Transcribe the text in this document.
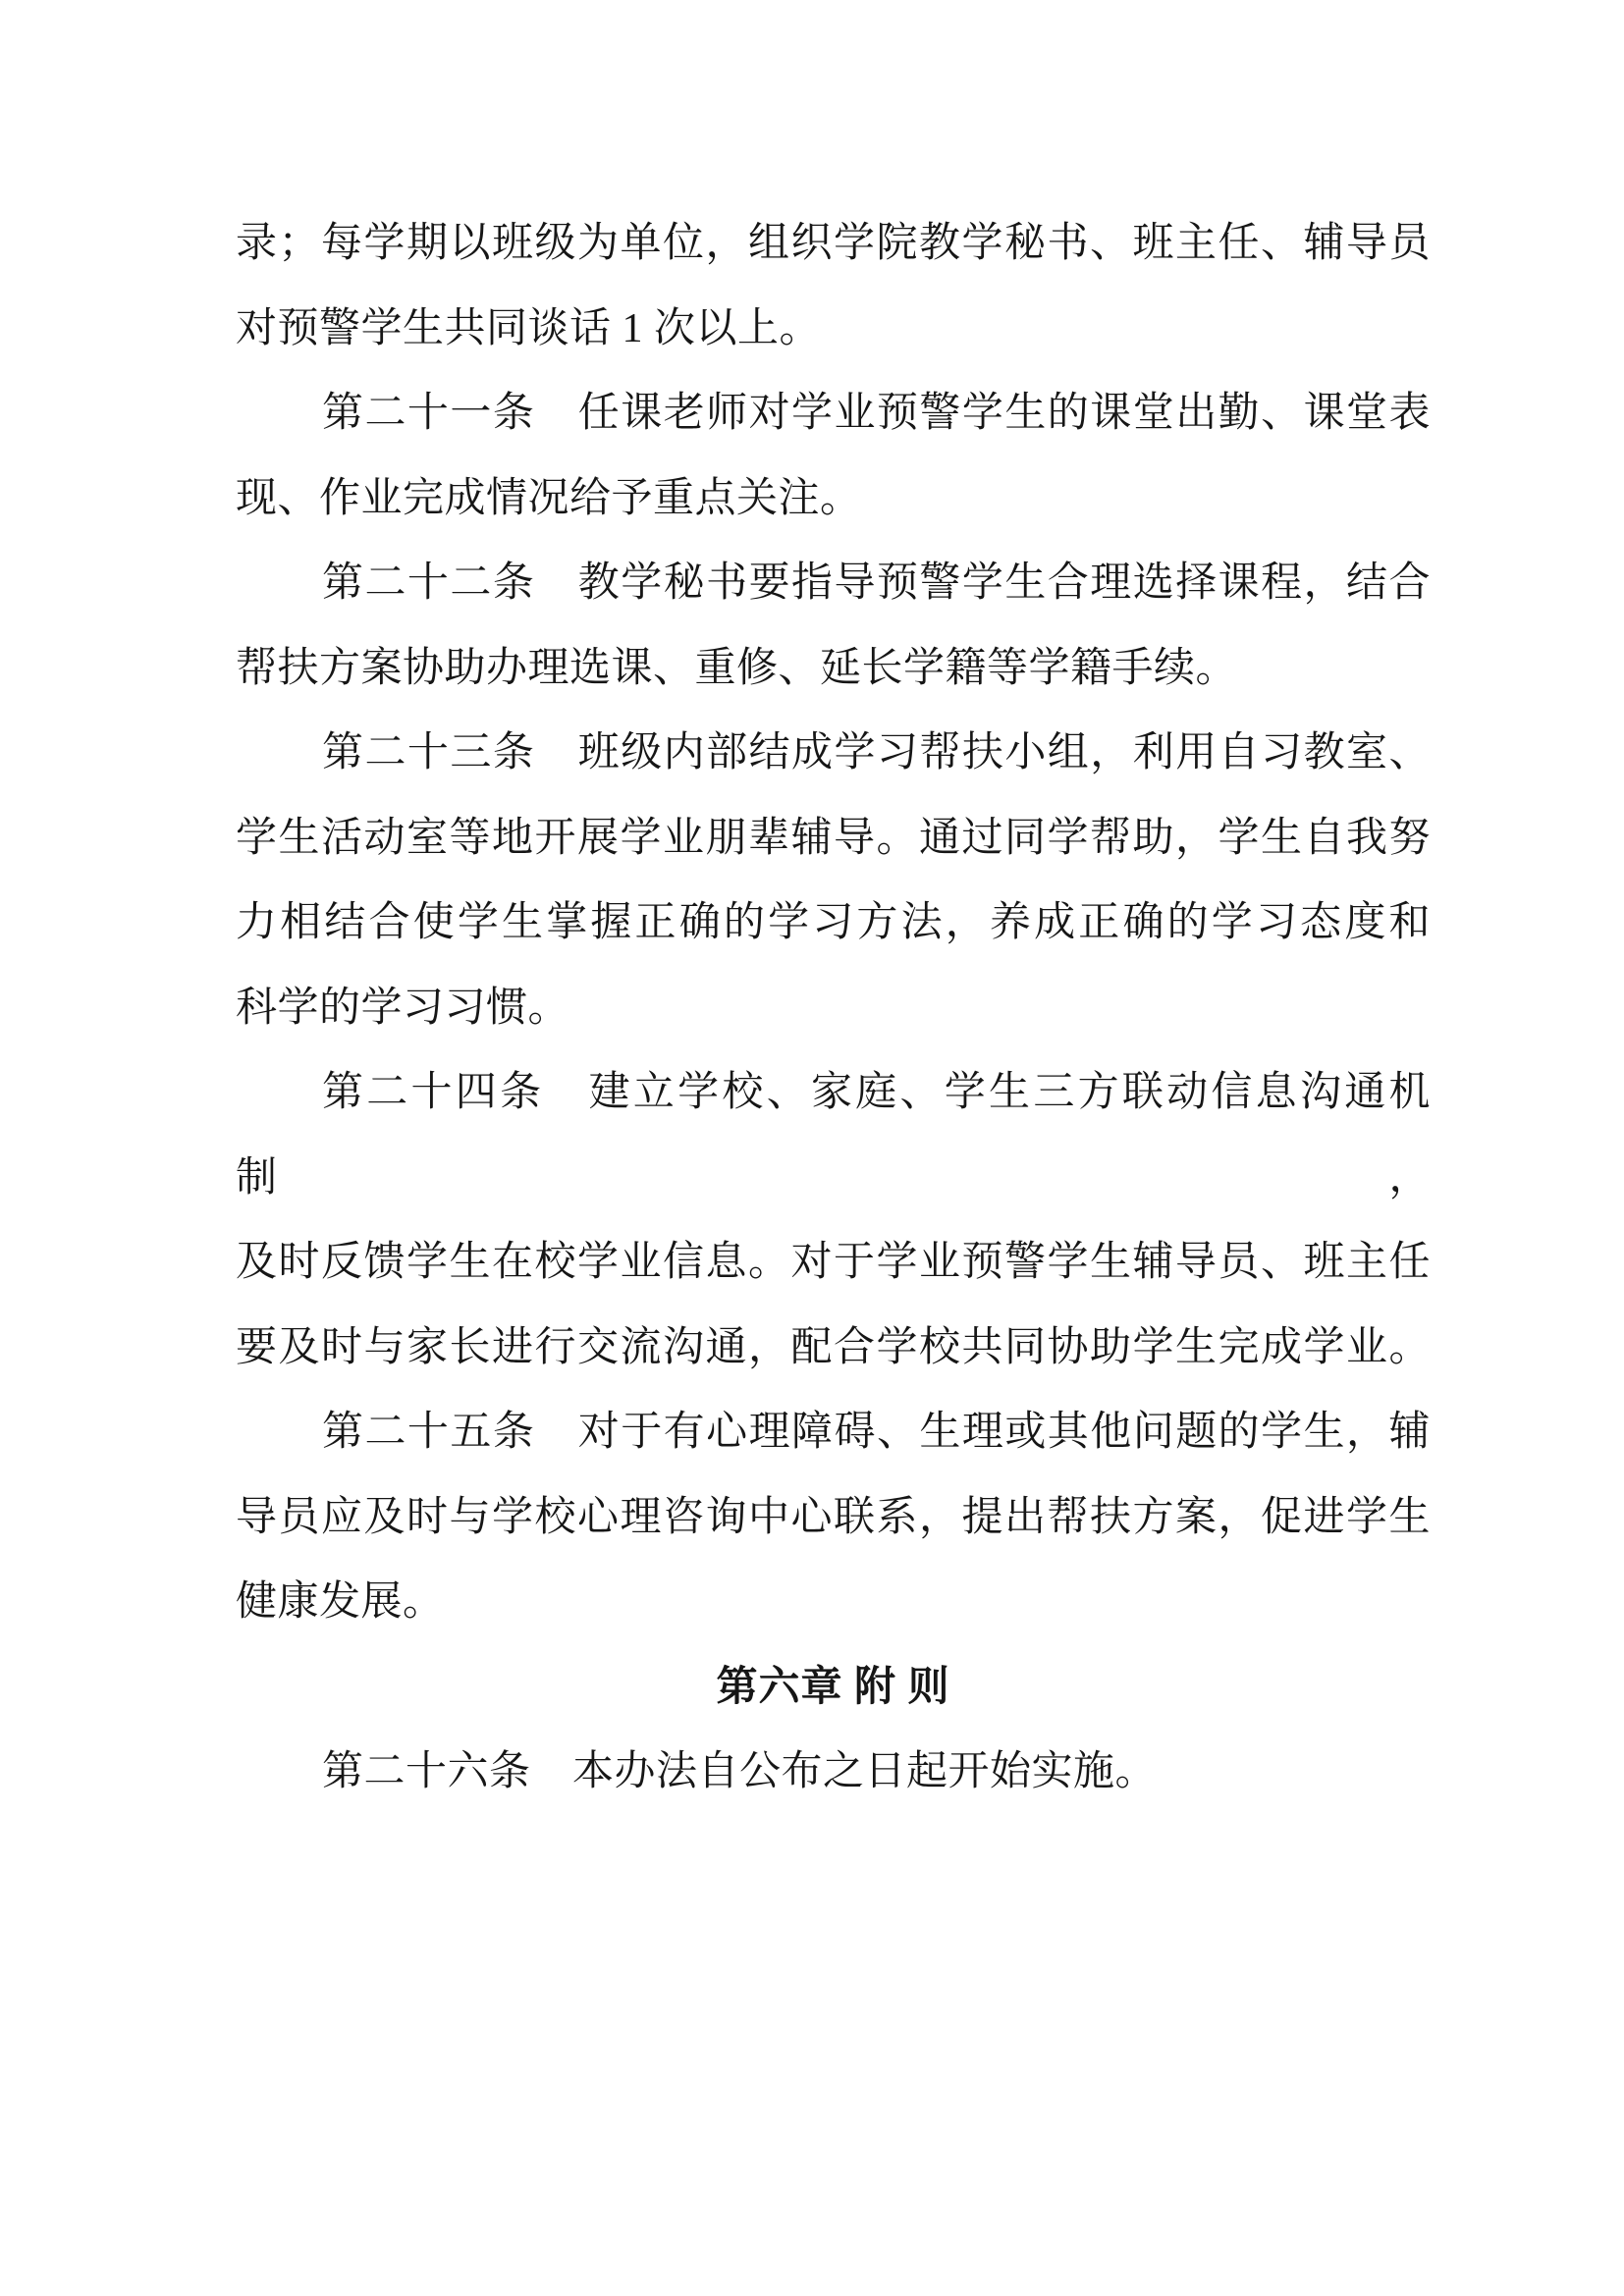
录；每学期以班级为单位，组织学院教学秘书、班主任、辅导员
对预警学生共同谈话 1 次以上。
第二十一条　任课老师对学业预警学生的课堂出勤、课堂表
现、作业完成情况给予重点关注。
第二十二条　教学秘书要指导预警学生合理选择课程，结合
帮扶方案协助办理选课、重修、延长学籍等学籍手续。
第二十三条　班级内部结成学习帮扶小组，利用自习教室、
学生活动室等地开展学业朋辈辅导。通过同学帮助，学生自我努
力相结合使学生掌握正确的学习方法，养成正确的学习态度和
科学的学习习惯。
第二十四条　建立学校、家庭、学生三方联动信息沟通机制，
及时反馈学生在校学业信息。对于学业预警学生辅导员、班主任
要及时与家长进行交流沟通，配合学校共同协助学生完成学业。
第二十五条　对于有心理障碍、生理或其他问题的学生，辅
导员应及时与学校心理咨询中心联系，提出帮扶方案，促进学生
健康发展。
第六章 附 则
第二十六条　本办法自公布之日起开始实施。
